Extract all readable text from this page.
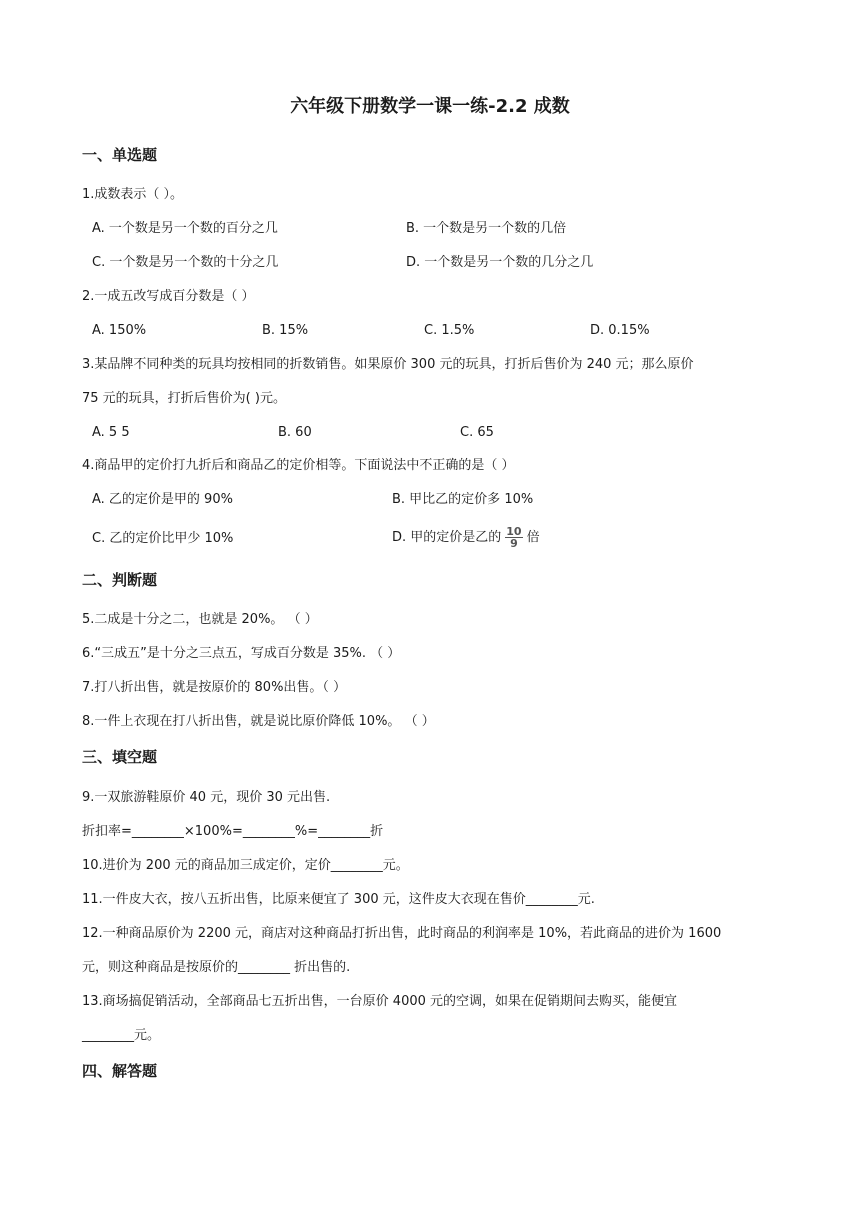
六年级下册数学一课一练-2.2 成数
一、单选题
1.成数表示（ ）。
A. 一个数是另一个数的百分之几	B. 一个数是另一个数的几倍
C. 一个数是另一个数的十分之几	D. 一个数是另一个数的几分之几
2.一成五改写成百分数是（ ）
A. 150%	B. 15%	C. 1.5%	D. 0.15%
3.某品牌不同种类的玩具均按相同的折数销售。如果原价 300 元的玩具，打折后售价为 240 元；那么原价
75 元的玩具，打折后售价为( )元。
A. 5 5	B. 60	C. 65
4.商品甲的定价打九折后和商品乙的定价相等。下面说法中不正确的是（ ）
A. 乙的定价是甲的 90%	B. 甲比乙的定价多 10%
C. 乙的定价比甲少 10%	D. 甲的定价是乙的 $\frac{10}{9}$ 倍
二、判断题
5.二成是十分之二，也就是 20%。 （ ）
6.“三成五”是十分之三点五，写成百分数是 35%. （ ）
7.打八折出售，就是按原价的 80%出售。（ ）
8.一件上衣现在打八折出售，就是说比原价降低 10%。 （ ）
三、填空题
9.一双旅游鞋原价 40 元，现价 30 元出售.
折扣率=________×100%=________%=________折
10.进价为 200 元的商品加三成定价，定价________元。
11.一件皮大衣，按八五折出售，比原来便宜了 300 元，这件皮大衣现在售价________元.
12.一种商品原价为 2200 元，商店对这种商品打折出售，此时商品的利润率是 10%，若此商品的进价为 1600
元，则这种商品是按原价的________ 折出售的.
13.商场搞促销活动，全部商品七五折出售，一台原价 4000 元的空调，如果在促销期间去购买，能便宜
________元。
四、解答题
